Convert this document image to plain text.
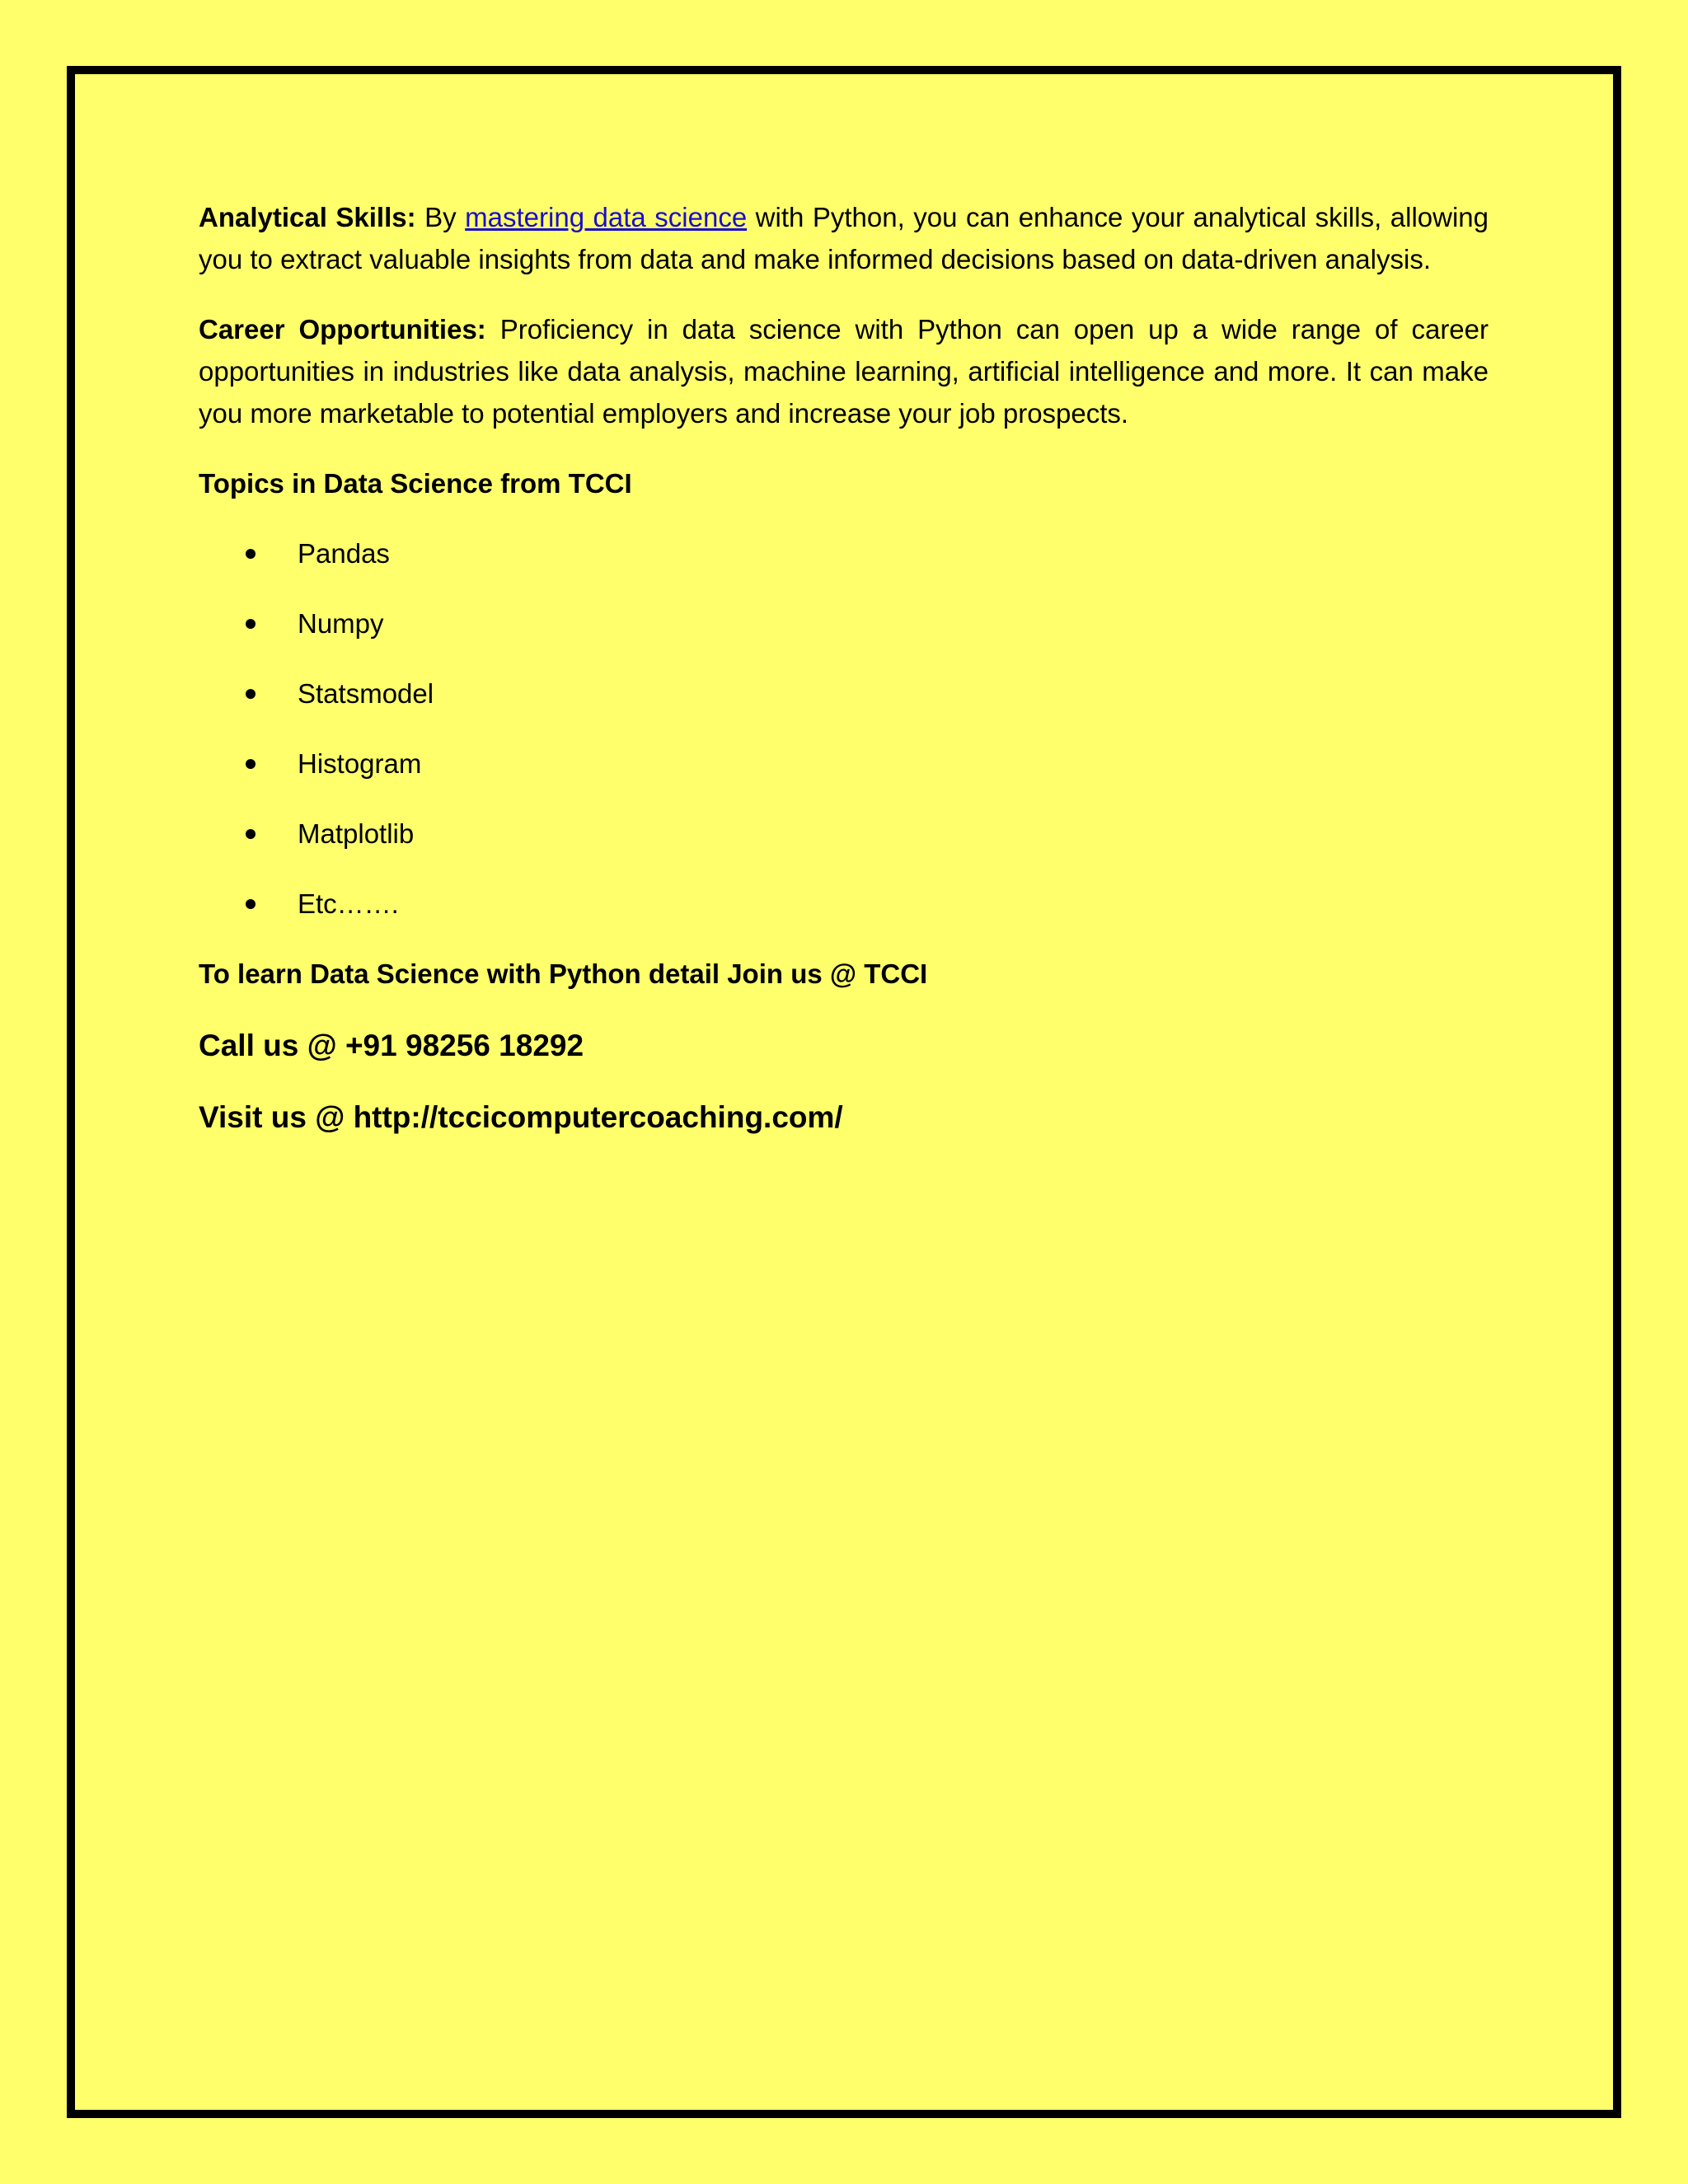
Analytical Skills: By mastering data science with Python, you can enhance your analytical skills, allowing you to extract valuable insights from data and make informed decisions based on data-driven analysis.

Career Opportunities: Proficiency in data science with Python can open up a wide range of career opportunities in industries like data analysis, machine learning, artificial intelligence and more. It can make you more marketable to potential employers and increase your job prospects.

Topics in Data Science from TCCI

Pandas
Numpy
Statsmodel
Histogram
Matplotlib
Etc…….

To learn Data Science with Python detail Join us @ TCCI

Call us @ +91 98256 18292

Visit us @ http://tccicomputercoaching.com/
